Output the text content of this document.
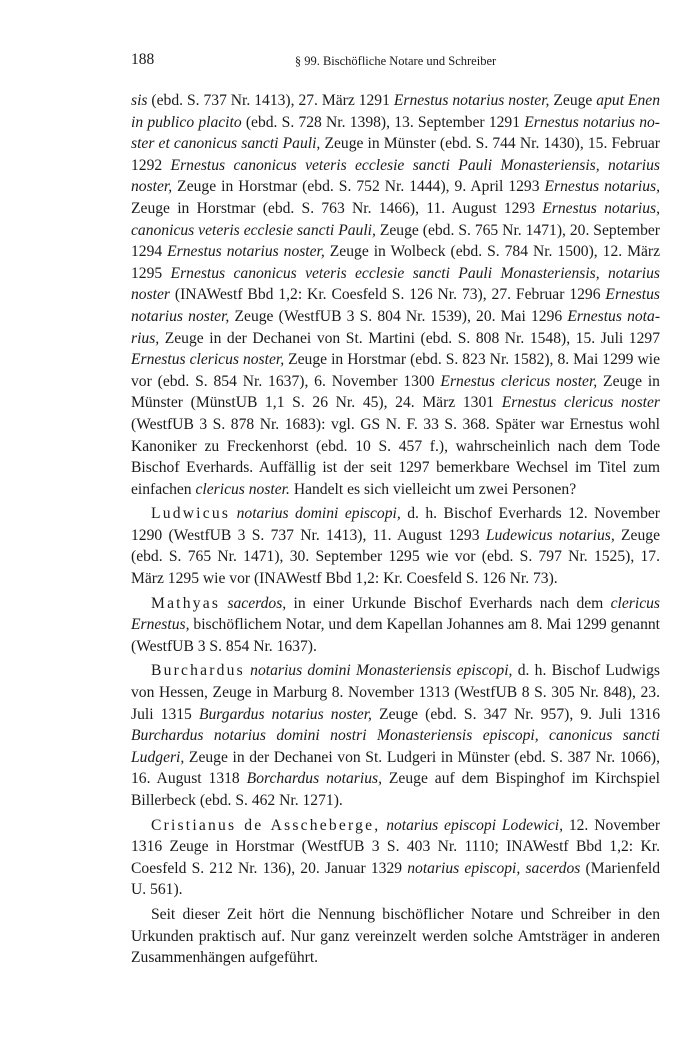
188	§ 99. Bischöfliche Notare und Schreiber

sis (ebd. S. 737 Nr. 1413), 27. März 1291 Ernestus notarius noster, Zeuge aput Enen in publico placito (ebd. S. 728 Nr. 1398), 13. September 1291 Ernestus notarius noster et canonicus sancti Pauli, Zeuge in Münster (ebd. S. 744 Nr. 1430), 15. Februar 1292 Ernestus canonicus veteris ecclesie sancti Pauli Monasteriensis, notarius noster, Zeuge in Horstmar (ebd. S. 752 Nr. 1444), 9. April 1293 Ernestus notarius, Zeuge in Horstmar (ebd. S. 763 Nr. 1466), 11. August 1293 Ernestus notarius, canonicus veteris ecclesie sancti Pauli, Zeuge (ebd. S. 765 Nr. 1471), 20. September 1294 Ernestus notarius noster, Zeuge in Wolbeck (ebd. S. 784 Nr. 1500), 12. März 1295 Ernestus canonicus veteris ecclesie sancti Pauli Monasteriensis, notarius noster (INAWestf Bbd 1,2: Kr. Coesfeld S. 126 Nr. 73), 27. Februar 1296 Ernestus notarius noster, Zeuge (WestfUB 3 S. 804 Nr. 1539), 20. Mai 1296 Ernestus notarius, Zeuge in der Dechanei von St. Martini (ebd. S. 808 Nr. 1548), 15. Juli 1297 Ernestus clericus noster, Zeuge in Horstmar (ebd. S. 823 Nr. 1582), 8. Mai 1299 wie vor (ebd. S. 854 Nr. 1637), 6. November 1300 Ernestus clericus noster, Zeuge in Münster (MünstUB 1,1 S. 26 Nr. 45), 24. März 1301 Ernestus clericus noster (WestfUB 3 S. 878 Nr. 1683): vgl. GS N. F. 33 S. 368. Später war Ernestus wohl Kanoniker zu Freckenhorst (ebd. 10 S. 457 f.), wahrscheinlich nach dem Tode Bischof Everhards. Auffällig ist der seit 1297 bemerkbare Wechsel im Titel zum einfachen clericus noster. Handelt es sich vielleicht um zwei Personen?

Ludwicus notarius domini episcopi, d. h. Bischof Everhards 12. November 1290 (WestfUB 3 S. 737 Nr. 1413), 11. August 1293 Ludewicus notarius, Zeuge (ebd. S. 765 Nr. 1471), 30. September 1295 wie vor (ebd. S. 797 Nr. 1525), 17. März 1295 wie vor (INAWestf Bbd 1,2: Kr. Coesfeld S. 126 Nr. 73).

Mathyas sacerdos, in einer Urkunde Bischof Everhards nach dem clericus Ernestus, bischöflichem Notar, und dem Kapellan Johannes am 8. Mai 1299 genannt (WestfUB 3 S. 854 Nr. 1637).

Burchardus notarius domini Monasteriensis episcopi, d. h. Bischof Ludwigs von Hessen, Zeuge in Marburg 8. November 1313 (WestfUB 8 S. 305 Nr. 848), 23. Juli 1315 Burgardus notarius noster, Zeuge (ebd. S. 347 Nr. 957), 9. Juli 1316 Burchardus notarius domini nostri Monasteriensis episcopi, canonicus sancti Ludgeri, Zeuge in der Dechanei von St. Ludgeri in Münster (ebd. S. 387 Nr. 1066), 16. August 1318 Borchardus notarius, Zeuge auf dem Bispinghof im Kirchspiel Billerbeck (ebd. S. 462 Nr. 1271).

Cristianus de Asscheberge, notarius episcopi Lodewici, 12. November 1316 Zeuge in Horstmar (WestfUB 3 S. 403 Nr. 1110; INAWestf Bbd 1,2: Kr. Coesfeld S. 212 Nr. 136), 20. Januar 1329 notarius episcopi, sacerdos (Marienfeld U. 561).

Seit dieser Zeit hört die Nennung bischöflicher Notare und Schreiber in den Urkunden praktisch auf. Nur ganz vereinzelt werden solche Amtsträger in anderen Zusammenhängen aufgeführt.
